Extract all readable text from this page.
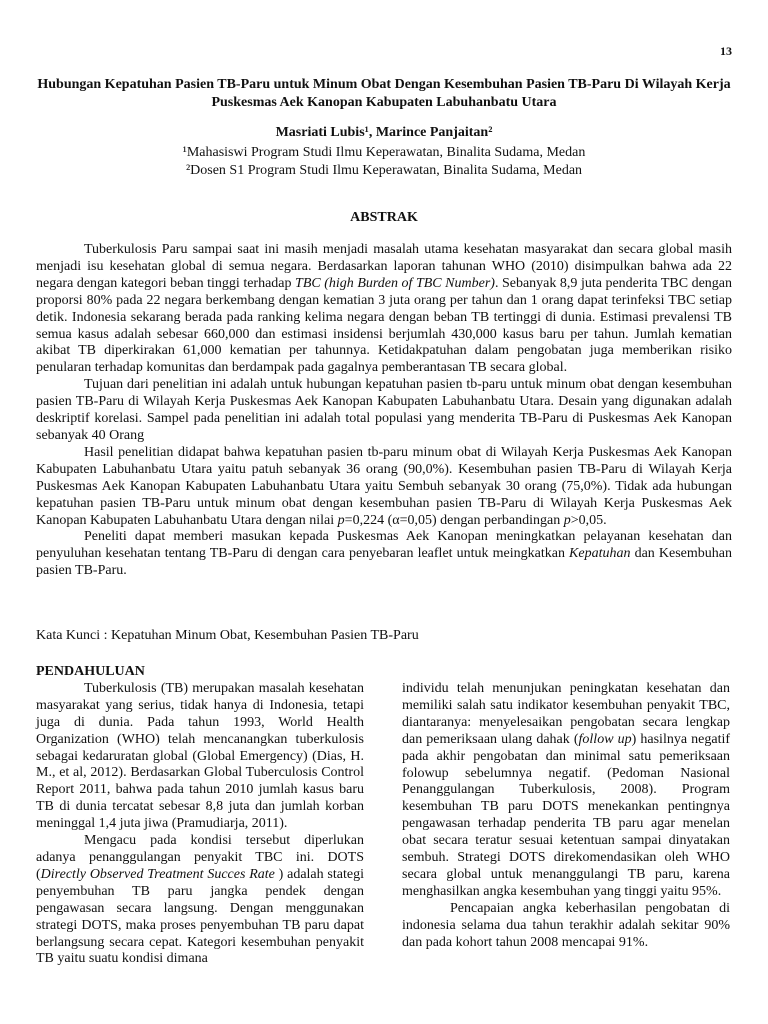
13
Hubungan Kepatuhan Pasien TB-Paru untuk Minum Obat Dengan Kesembuhan Pasien TB-Paru Di Wilayah Kerja Puskesmas Aek Kanopan Kabupaten Labuhanbatu Utara
Masriati Lubis¹, Marince Panjaitan²
¹Mahasiswi Program Studi Ilmu Keperawatan, Binalita Sudama, Medan
²Dosen S1 Program Studi Ilmu Keperawatan, Binalita Sudama, Medan
ABSTRAK

Tuberkulosis Paru sampai saat ini masih menjadi masalah utama kesehatan masyarakat dan secara global masih menjadi isu kesehatan global di semua negara. Berdasarkan laporan tahunan WHO (2010) disimpulkan bahwa ada 22 negara dengan kategori beban tinggi terhadap TBC (high Burden of TBC Number). Sebanyak 8,9 juta penderita TBC dengan proporsi 80% pada 22 negara berkembang dengan kematian 3 juta orang per tahun dan 1 orang dapat terinfeksi TBC setiap detik. Indonesia sekarang berada pada ranking kelima negara dengan beban TB tertinggi di dunia. Estimasi prevalensi TB semua kasus adalah sebesar 660,000 dan estimasi insidensi berjumlah 430,000 kasus baru per tahun. Jumlah kematian akibat TB diperkirakan 61,000 kematian per tahunnya. Ketidakpatuhan dalam pengobatan juga memberikan risiko penularan terhadap komunitas dan berdampak pada gagalnya pemberantasan TB secara global.

Tujuan dari penelitian ini adalah untuk hubungan kepatuhan pasien tb-paru untuk minum obat dengan kesembuhan pasien TB-Paru di Wilayah Kerja Puskesmas Aek Kanopan Kabupaten Labuhanbatu Utara. Desain yang digunakan adalah deskriptif korelasi. Sampel pada penelitian ini adalah total populasi yang menderita TB-Paru di Puskesmas Aek Kanopan sebanyak 40 Orang

Hasil penelitian didapat bahwa kepatuhan pasien tb-paru minum obat di Wilayah Kerja Puskesmas Aek Kanopan Kabupaten Labuhanbatu Utara yaitu patuh sebanyak 36 orang (90,0%). Kesembuhan pasien TB-Paru di Wilayah Kerja Puskesmas Aek Kanopan Kabupaten Labuhanbatu Utara yaitu Sembuh sebanyak 30 orang (75,0%). Tidak ada hubungan kepatuhan pasien TB-Paru untuk minum obat dengan kesembuhan pasien TB-Paru di Wilayah Kerja Puskesmas Aek Kanopan Kabupaten Labuhanbatu Utara dengan nilai p=0,224 (α=0,05) dengan perbandingan p>0,05.

Peneliti dapat memberi masukan kepada Puskesmas Aek Kanopan meningkatkan pelayanan kesehatan dan penyuluhan kesehatan tentang TB-Paru di dengan cara penyebaran leaflet untuk meingkatkan Kepatuhan dan Kesembuhan pasien TB-Paru.

Kata Kunci : Kepatuhan Minum Obat, Kesembuhan Pasien TB-Paru
PENDAHULUAN

Tuberkulosis (TB) merupakan masalah kesehatan masyarakat yang serius, tidak hanya di Indonesia, tetapi juga di dunia. Pada tahun 1993, World Health Organization (WHO) telah mencanangkan tuberkulosis sebagai kedaruratan global (Global Emergency) (Dias, H. M., et al, 2012). Berdasarkan Global Tuberculosis Control Report 2011, bahwa pada tahun 2010 jumlah kasus baru TB di dunia tercatat sebesar 8,8 juta dan jumlah korban meninggal 1,4 juta jiwa (Pramudiarja, 2011).

Mengacu pada kondisi tersebut diperlukan adanya penanggulangan penyakit TBC ini. DOTS (Directly Observed Treatment Succes Rate ) adalah stategi penyembuhan TB paru jangka pendek dengan pengawasan secara langsung. Dengan menggunakan strategi DOTS, maka proses penyembuhan TB paru dapat berlangsung secara cepat. Kategori kesembuhan penyakit TB yaitu suatu kondisi dimana

individu telah menunjukan peningkatan kesehatan dan memiliki salah satu indikator kesembuhan penyakit TBC, diantaranya: menyelesaikan pengobatan secara lengkap dan pemeriksaan ulang dahak (follow up) hasilnya negatif pada akhir pengobatan dan minimal satu pemeriksaan folowup sebelumnya negatif. (Pedoman Nasional Penanggulangan Tuberkulosis, 2008). Program kesembuhan TB paru DOTS menekankan pentingnya pengawasan terhadap penderita TB paru agar menelan obat secara teratur sesuai ketentuan sampai dinyatakan sembuh. Strategi DOTS direkomendasikan oleh WHO secara global untuk menanggulangi TB paru, karena menghasilkan angka kesembuhan yang tinggi yaitu 95%.

Pencapaian angka keberhasilan pengobatan di indonesia selama dua tahun terakhir adalah sekitar 90% dan pada kohort tahun 2008 mencapai 91%.
